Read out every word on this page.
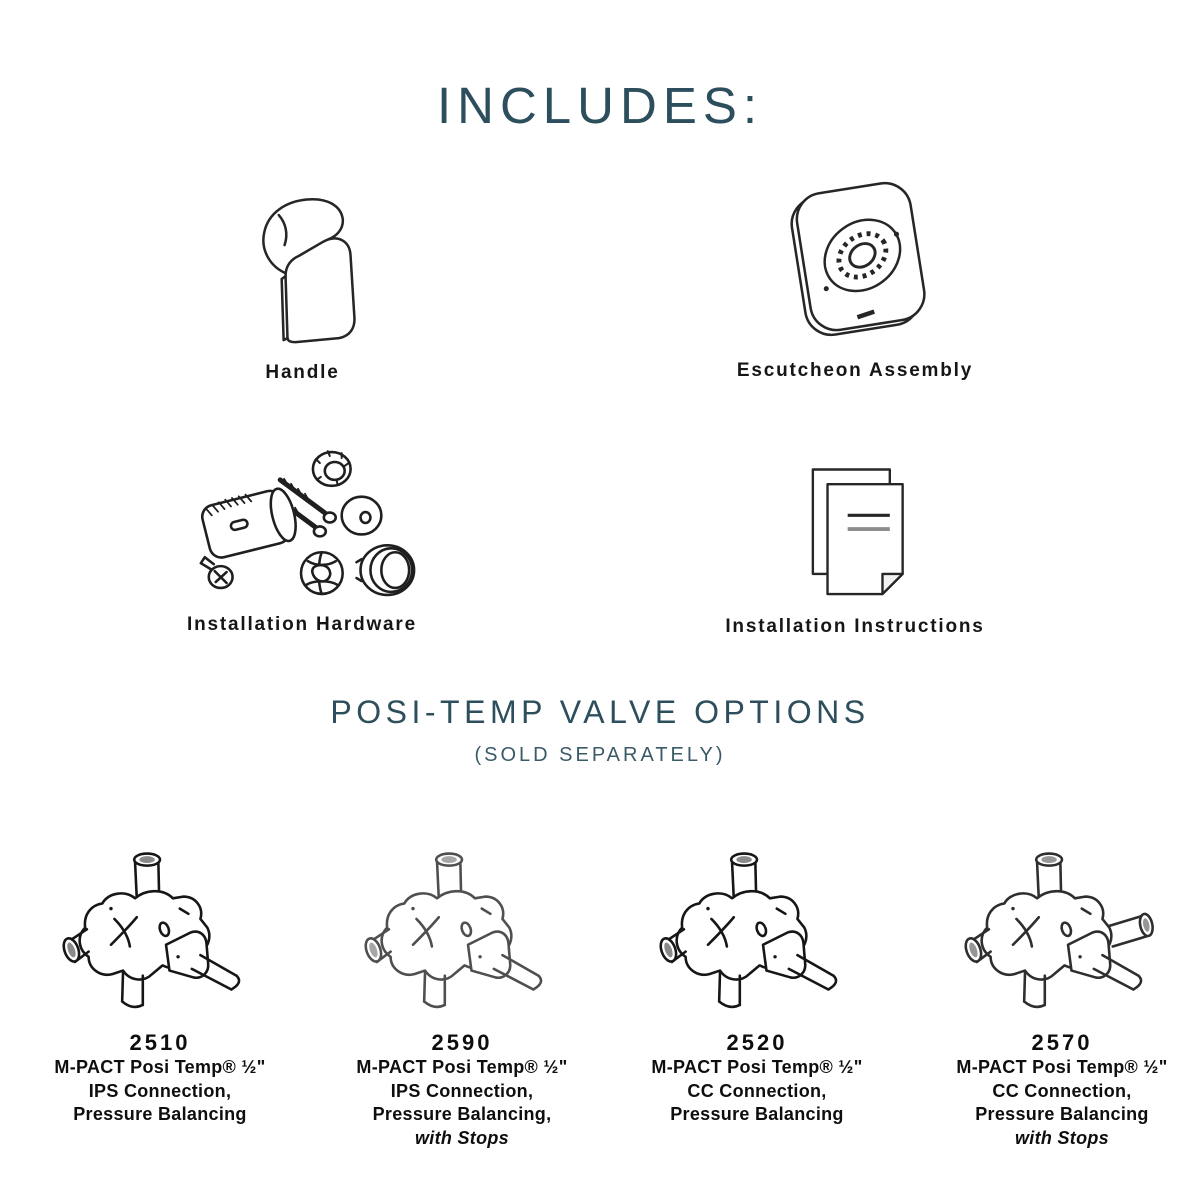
INCLUDES:
Handle	Escutcheon Assembly
Installation Hardware	Installation Instructions
POSI-TEMP VALVE OPTIONS
(SOLD SEPARATELY)
2510
M-PACT Posi Temp® ½"
IPS Connection,
Pressure Balancing
2590
M-PACT Posi Temp® ½"
IPS Connection,
Pressure Balancing,
with Stops
2520
M-PACT Posi Temp® ½"
CC Connection,
Pressure Balancing
2570
M-PACT Posi Temp® ½"
CC Connection,
Pressure Balancing
with Stops
